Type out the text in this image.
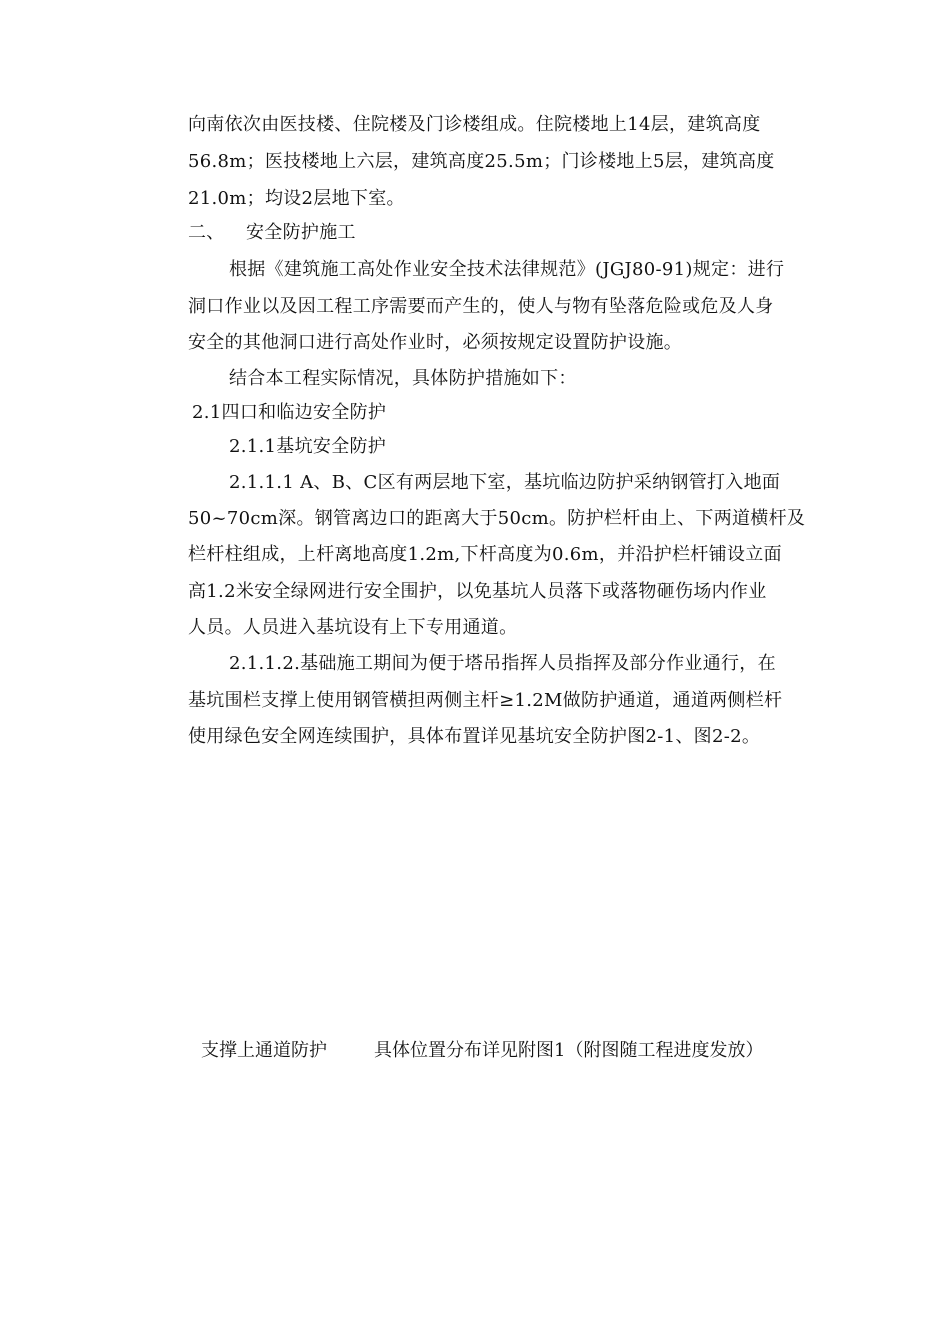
向南依次由医技楼、住院楼及门诊楼组成。住院楼地上14层，建筑高度
56.8m；医技楼地上六层，建筑高度25.5m；门诊楼地上5层，建筑高度
21.0m；均设2层地下室。
二、 安全防护施工
根据《建筑施工高处作业安全技术法律规范》(JGJ80-91)规定：进行
洞口作业以及因工程工序需要而产生的，使人与物有坠落危险或危及人身
安全的其他洞口进行高处作业时，必须按规定设置防护设施。
结合本工程实际情况，具体防护措施如下：
2.1四口和临边安全防护
2.1.1基坑安全防护
2.1.1.1 A、B、C区有两层地下室，基坑临边防护采纳钢管打入地面
50~70cm深。钢管离边口的距离大于50cm。防护栏杆由上、下两道横杆及
栏杆柱组成，上杆离地高度1.2m,下杆高度为0.6m，并沿护栏杆铺设立面
高1.2米安全绿网进行安全围护，以免基坑人员落下或落物砸伤场内作业
人员。人员进入基坑设有上下专用通道。
2.1.1.2.基础施工期间为便于塔吊指挥人员指挥及部分作业通行，在
基坑围栏支撑上使用钢管横担两侧主杆≥1.2M做防护通道，通道两侧栏杆
使用绿色安全网连续围护，具体布置详见基坑安全防护图2-1、图2-2。
支撑上通道防护	具体位置分布详见附图1（附图随工程进度发放）
